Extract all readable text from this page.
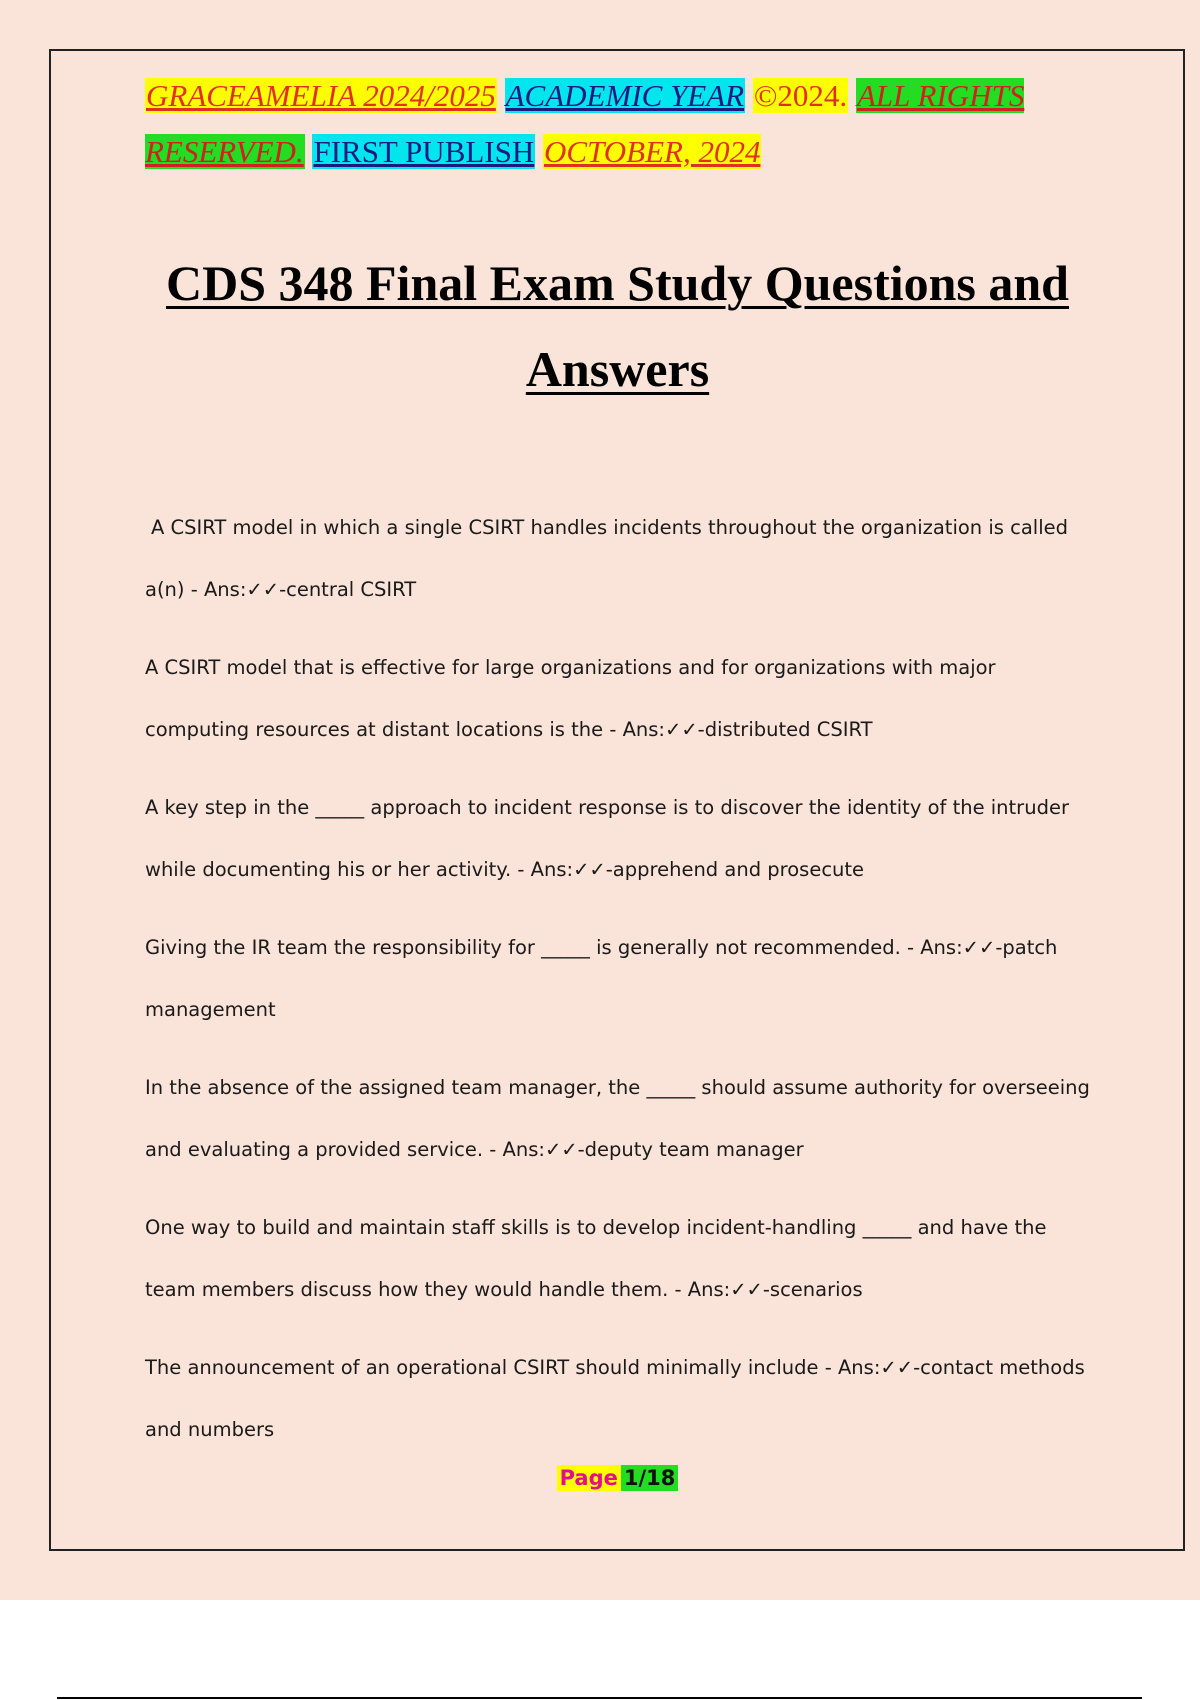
GRACEAMELIA 2024/2025 ACADEMIC YEAR ©2024. ALL RIGHTS RESERVED. FIRST PUBLISH OCTOBER, 2024
CDS 348 Final Exam Study Questions and Answers
A CSIRT model in which a single CSIRT handles incidents throughout the organization is called a(n) - Ans:✓✓-central CSIRT
A CSIRT model that is effective for large organizations and for organizations with major computing resources at distant locations is the - Ans:✓✓-distributed CSIRT
A key step in the _____ approach to incident response is to discover the identity of the intruder while documenting his or her activity. - Ans:✓✓-apprehend and prosecute
Giving the IR team the responsibility for _____ is generally not recommended. - Ans:✓✓-patch management
In the absence of the assigned team manager, the _____ should assume authority for overseeing and evaluating a provided service. - Ans:✓✓-deputy team manager
One way to build and maintain staff skills is to develop incident-handling _____ and have the team members discuss how they would handle them. - Ans:✓✓-scenarios
The announcement of an operational CSIRT should minimally include - Ans:✓✓-contact methods and numbers
Page 1/18
